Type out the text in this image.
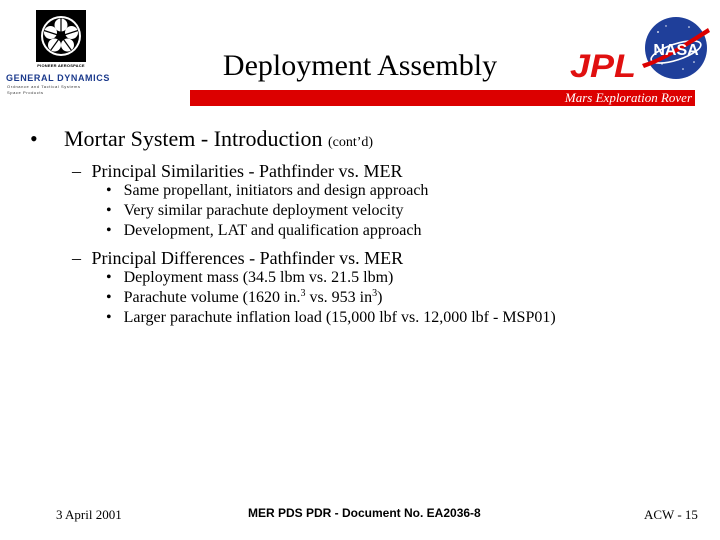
PIONEER AEROSPACE
GENERAL DYNAMICS
Ordnance and Tactical Systems
Space Products
Deployment Assembly	JPL NASA
Mars Exploration Rover
• Mortar System - Introduction (cont’d)
– Principal Similarities - Pathfinder vs. MER
• Same propellant, initiators and design approach
• Very similar parachute deployment velocity
• Development, LAT and qualification approach
– Principal Differences - Pathfinder vs. MER
• Deployment mass (34.5 lbm vs. 21.5 lbm)
• Parachute volume (1620 in.$^3$ vs. 953 $in^3$)
• Larger parachute inflation load (15,000 lbf vs. 12,000 lbf - MSP01)
3 April 2001	MER PDS PDR - Document No. EA2036-8	ACW - 15
